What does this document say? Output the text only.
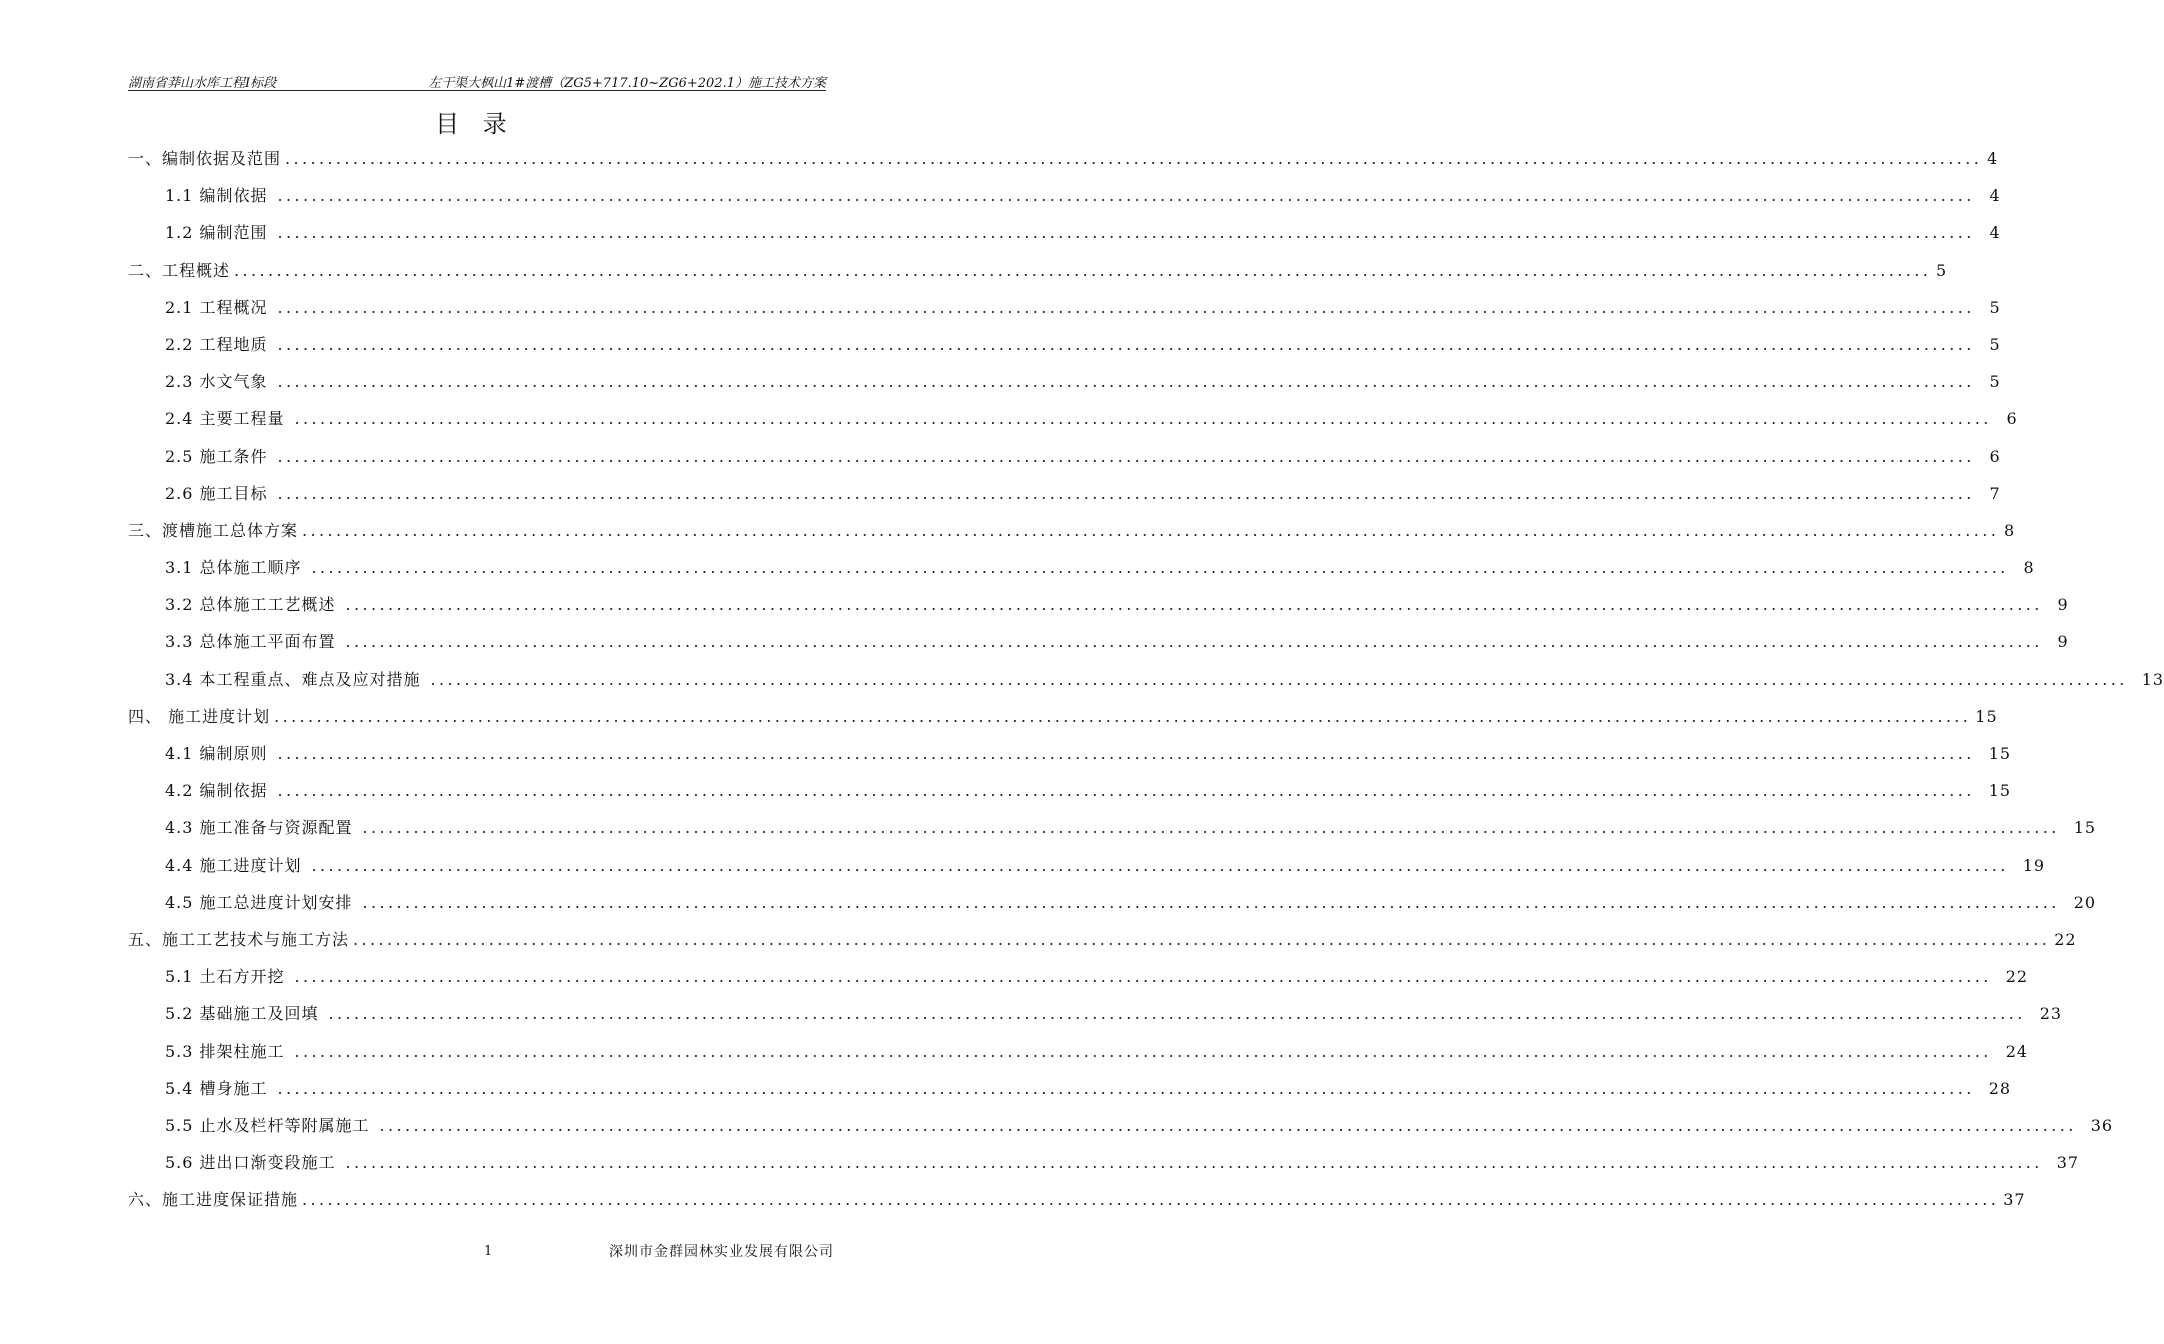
湖南省莽山水库工程I标段	左干渠大枫山1#渡槽（ZG5+717.10~ZG6+202.1）施工技术方案
目 录
一、编制依据及范围 ........................................................................................................................................................................................................ 4
1.1 编制依据 ........................................................................................................................................................................................................ 4
1.2 编制范围 ........................................................................................................................................................................................................ 4
二、工程概述 ........................................................................................................................................................................................................ 5
2.1 工程概况 ........................................................................................................................................................................................................ 5
2.2 工程地质 ........................................................................................................................................................................................................ 5
2.3 水文气象 ........................................................................................................................................................................................................ 5
2.4 主要工程量 ........................................................................................................................................................................................................ 6
2.5 施工条件 ........................................................................................................................................................................................................ 6
2.6 施工目标 ........................................................................................................................................................................................................ 7
三、渡槽施工总体方案 ........................................................................................................................................................................................................ 8
3.1 总体施工顺序 ........................................................................................................................................................................................................ 8
3.2 总体施工工艺概述 ........................................................................................................................................................................................................ 9
3.3 总体施工平面布置 ........................................................................................................................................................................................................ 9
3.4 本工程重点、难点及应对措施 ........................................................................................................................................................................................................ 13
四、 施工进度计划 ........................................................................................................................................................................................................ 15
4.1 编制原则 ........................................................................................................................................................................................................ 15
4.2 编制依据 ........................................................................................................................................................................................................ 15
4.3 施工准备与资源配置 ........................................................................................................................................................................................................ 15
4.4 施工进度计划 ........................................................................................................................................................................................................ 19
4.5 施工总进度计划安排 ........................................................................................................................................................................................................ 20
五、施工工艺技术与施工方法 ........................................................................................................................................................................................................ 22
5.1 土石方开挖 ........................................................................................................................................................................................................ 22
5.2 基础施工及回填 ........................................................................................................................................................................................................ 23
5.3 排架柱施工 ........................................................................................................................................................................................................ 24
5.4 槽身施工 ........................................................................................................................................................................................................ 28
5.5 止水及栏杆等附属施工 ........................................................................................................................................................................................................ 36
5.6 进出口渐变段施工 ........................................................................................................................................................................................................ 37
六、施工进度保证措施 ........................................................................................................................................................................................................ 37
1	深圳市金群园林实业发展有限公司
